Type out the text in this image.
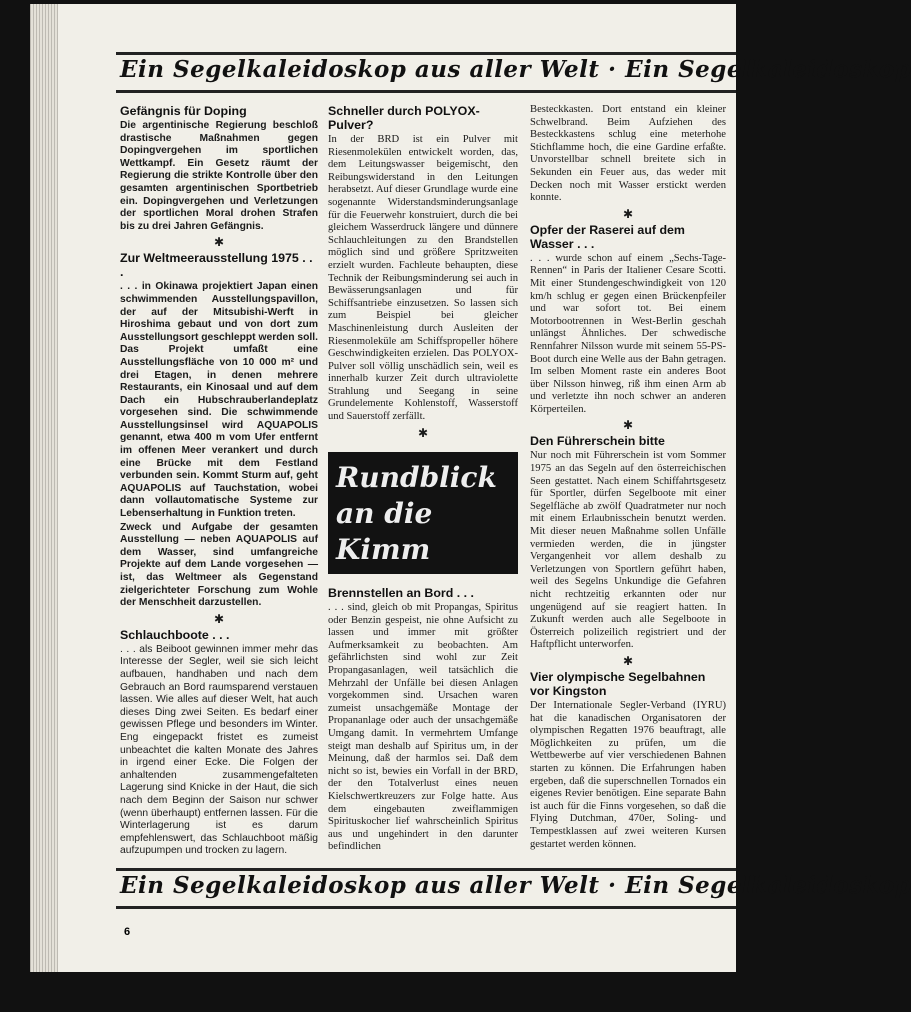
Ein Segelkaleidoskop aus aller Welt · Ein Segelkaleidoskop
Gefängnis für Doping

Die argentinische Regierung beschloß drastische Maßnahmen gegen Dopingvergehen im sportlichen Wettkampf. Ein Gesetz räumt der Regierung die strikte Kontrolle über den gesamten argentinischen Sportbetrieb ein. Dopingvergehen und Verletzungen der sportlichen Moral drohen Strafen bis zu drei Jahren Gefängnis.

✱
Zur Weltmeerausstellung 1975 . . .

. . . in Okinawa projektiert Japan einen schwimmenden Ausstellungspavillon, der auf der Mitsubishi-Werft in Hiroshima gebaut und von dort zum Ausstellungsort geschleppt werden soll. Das Projekt umfaßt eine Ausstellungsfläche von 10 000 m² und drei Etagen, in denen mehrere Restaurants, ein Kinosaal und auf dem Dach ein Hubschrauberlandeplatz vorgesehen sind. Die schwimmende Ausstellungsinsel wird AQUAPOLIS genannt, etwa 400 m vom Ufer entfernt im offenen Meer verankert und durch eine Brücke mit dem Festland verbunden sein. Kommt Sturm auf, geht AQUAPOLIS auf Tauchstation, wobei dann vollautomatische Systeme zur Lebenserhaltung in Funktion treten.

Zweck und Aufgabe der gesamten Ausstellung — neben AQUAPOLIS auf dem Wasser, sind umfangreiche Projekte auf dem Lande vorgesehen — ist, das Weltmeer als Gegenstand zielgerichteter Forschung zum Wohle der Menschheit darzustellen.

✱
Schlauchboote . . .

. . . als Beiboot gewinnen immer mehr das Interesse der Segler, weil sie sich leicht aufbauen, handhaben und nach dem Gebrauch an Bord raumsparend verstauen lassen. Wie alles auf dieser Welt, hat auch dieses Ding zwei Seiten. Es bedarf einer gewissen Pflege und besonders im Winter. Eng eingepackt fristet es zumeist unbeachtet die kalten Monate des Jahres in irgend einer Ecke. Die Folgen der anhaltenden zusammengefalteten Lagerung sind Knicke in der Haut, die sich nach dem Beginn der Saison nur schwer (wenn überhaupt) entfernen lassen. Für die Winterlagerung ist es darum empfehlenswert, das Schlauchboot mäßig aufzupumpen und trocken zu lagern.

Schneller durch POLYOX-Pulver?

In der BRD ist ein Pulver mit Riesenmolekülen entwickelt worden, das, dem Leitungswasser beigemischt, den Reibungswiderstand in den Leitungen herabsetzt. Auf dieser Grundlage wurde eine sogenannte Widerstandsminderungsanlage für die Feuerwehr konstruiert, durch die bei gleichem Wasserdruck längere und dünnere Schlauchleitungen zu den Brandstellen möglich sind und größere Spritzweiten erzielt wurden. Fachleute behaupten, diese Technik der Reibungsminderung sei auch in Bewässerungsanlagen und für Schiffsantriebe einzusetzen. So lassen sich zum Beispiel bei gleicher Maschinenleistung durch Ausleiten der Riesenmoleküle am Schiffspropeller höhere Geschwindigkeiten erzielen. Das POLYOX-Pulver soll völlig unschädlich sein, weil es innerhalb kurzer Zeit durch ultraviolette Strahlung und Seegang in seine Grundelemente Kohlenstoff, Wasserstoff und Sauerstoff zerfällt.

✱
Rundblick
an die
Kimm
Brennstellen an Bord . . .

. . . sind, gleich ob mit Propangas, Spiritus oder Benzin gespeist, nie ohne Aufsicht zu lassen und immer mit größter Aufmerksamkeit zu beobachten. Am gefährlichsten sind wohl zur Zeit Propangasanlagen, weil tatsächlich die Mehrzahl der Unfälle bei diesen Anlagen vorgekommen sind. Ursachen waren zumeist unsachgemäße Montage der Propananlage oder auch der unsachgemäße Umgang damit. In vermehrtem Umfange steigt man deshalb auf Spiritus um, in der Meinung, daß der harmlos sei. Daß dem nicht so ist, bewies ein Vorfall in der BRD, der den Totalverlust eines neuen Kielschwertkreuzers zur Folge hatte. Aus dem eingebauten zweiflammigen Spirituskocher lief wahrscheinlich Spiritus aus und ungehindert in den darunter befindlichen

Besteckkasten. Dort entstand ein kleiner Schwelbrand. Beim Aufziehen des Besteckkastens schlug eine meterhohe Stichflamme hoch, die eine Gardine erfaßte. Unvorstellbar schnell breitete sich in Sekunden ein Feuer aus, das weder mit Decken noch mit Wasser erstickt werden konnte.

✱
Opfer der Raserei auf dem Wasser . . .

. . . wurde schon auf einem „Sechs-Tage-Rennen“ in Paris der Italiener Cesare Scotti. Mit einer Stundengeschwindigkeit von 120 km/h schlug er gegen einen Brückenpfeiler und war sofort tot. Bei einem Motorbootrennen in West-Berlin geschah unlängst Ähnliches. Der schwedische Rennfahrer Nilsson wurde mit seinem 55-PS-Boot durch eine Welle aus der Bahn getragen. Im selben Moment raste ein anderes Boot über Nilsson hinweg, riß ihm einen Arm ab und verletzte ihn noch schwer an anderen Körperteilen.

✱
Den Führerschein bitte

Nur noch mit Führerschein ist vom Sommer 1975 an das Segeln auf den österreichischen Seen gestattet. Nach einem Schiffahrtsgesetz für Sportler, dürfen Segelboote mit einer Segelfläche ab zwölf Quadratmeter nur noch mit einem Erlaubnisschein benutzt werden. Mit dieser neuen Maßnahme sollen Unfälle vermieden werden, die in jüngster Vergangenheit vor allem deshalb zu Verletzungen von Sportlern geführt haben, weil des Segelns Unkundige die Gefahren nicht rechtzeitig erkannten oder nur ungenügend auf sie reagiert hatten. In Zukunft werden auch alle Segelboote in Österreich polizeilich registriert und der Haftpflicht unterworfen.

✱
Vier olympische Segelbahnen vor Kingston

Der Internationale Segler-Verband (IYRU) hat die kanadischen Organisatoren der olympischen Regatten 1976 beauftragt, alle Möglichkeiten zu prüfen, um die Wettbewerbe auf vier verschiedenen Bahnen starten zu können. Die Erfahrungen haben ergeben, daß die superschnellen Tornados ein eigenes Revier benötigen. Eine separate Bahn ist auch für die Finns vorgesehen, so daß die Flying Dutchman, 470er, Soling- und Tempestklassen auf zwei weiteren Kursen gestartet werden können.

Ein Segelkaleidoskop aus aller Welt · Ein Segelkaleidoskop
6
